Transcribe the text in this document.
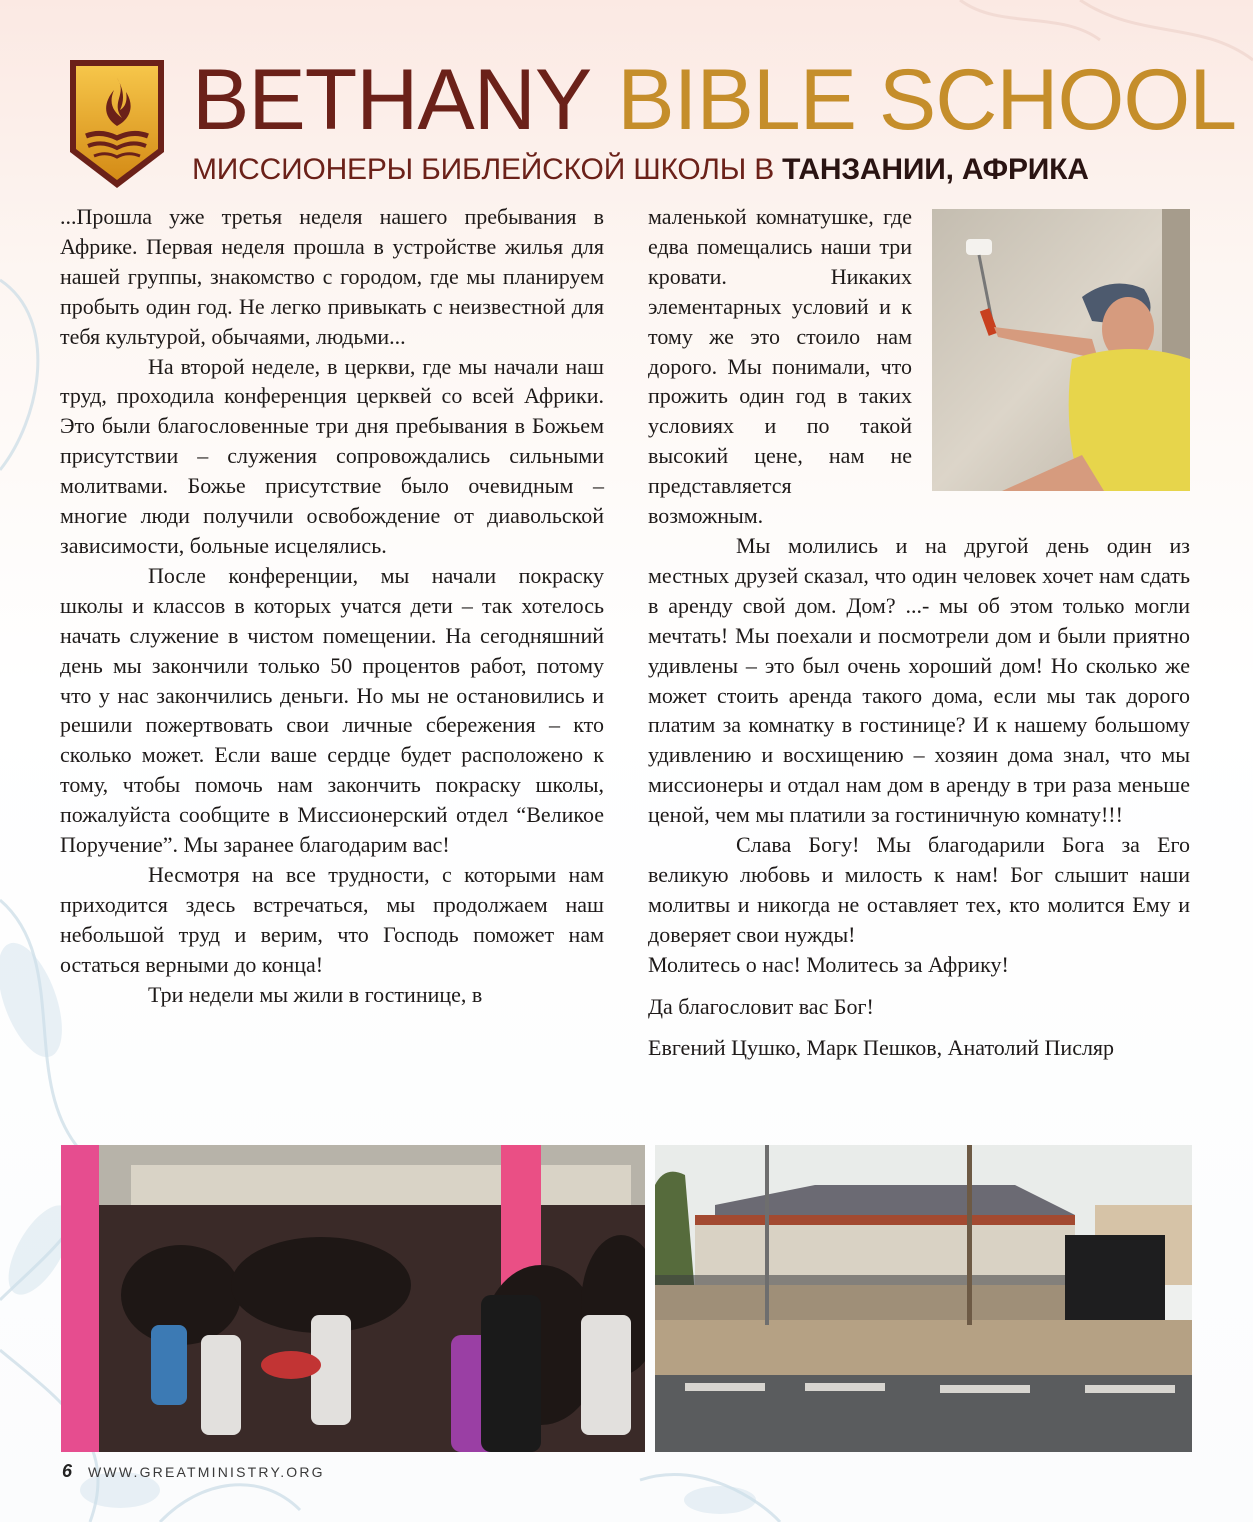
BETHANY BIBLE SCHOOL
МИССИОНЕРЫ БИБЛЕЙСКОЙ ШКОЛЫ В ТАНЗАНИИ, АФРИКА

...Прошла уже третья неделя нашего пребывания в Африке. Первая неделя прошла в устройстве жилья для нашей группы, знакомство с городом, где мы планируем пробыть один год. Не легко привыкать с неизвестной для тебя культурой, обычаями, людьми...

На второй неделе, в церкви, где мы начали наш труд, проходила конференция церквей со всей Африки. Это были благословенные три дня пребывания в Божьем присутствии – служения сопровождались сильными молитвами. Божье присутствие было очевидным – многие люди получили освобождение от диавольской зависимости, больные исцелялись.

После конференции, мы начали покраску школы и классов в которых учатся дети – так хотелось начать служение в чистом помещении. На сегодняшний день мы закончили только 50 процентов работ, потому что у нас закончились деньги. Но мы не остановились и решили пожертвовать свои личные сбережения – кто сколько может. Если ваше сердце будет расположено к тому, чтобы помочь нам закончить покраску школы, пожалуйста сообщите в Миссионерский отдел “Великое Поручение”. Мы заранее благодарим вас!

Несмотря на все трудности, с которыми нам приходится здесь встречаться, мы продолжаем наш небольшой труд и верим, что Господь поможет нам остаться верными до конца!

Три недели мы жили в гостинице, в

маленькой комнатушке, где едва помещались наши три кровати. Никаких элементарных условий и к тому же это стоило нам дорого. Мы понимали, что прожить один год в таких условиях и по такой высокий цене, нам не представляется возможным.

Мы молились и на другой день один из местных друзей сказал, что один человек хочет нам сдать в аренду свой дом. Дом? ...- мы об этом только могли мечтать! Мы поехали и посмотрели дом и были приятно удивлены – это был очень хороший дом! Но сколько же может стоить аренда такого дома, если мы так дорого платим за комнатку в гостинице? И к нашему большому удивлению и восхищению – хозяин дома знал, что мы миссионеры и отдал нам дом в аренду в три раза меньше ценой, чем мы платили за гостиничную комнату!!!

Слава Богу! Мы благодарили Бога за Его великую любовь и милость к нам! Бог слышит наши молитвы и никогда не оставляет тех, кто молится Ему и доверяет свои нужды!

Молитесь о нас! Молитесь за Африку!

Да благословит вас Бог!

Евгений Цушко, Марк Пешков, Анатолий Писляр

6 WWW.GREATMINISTRY.ORG
